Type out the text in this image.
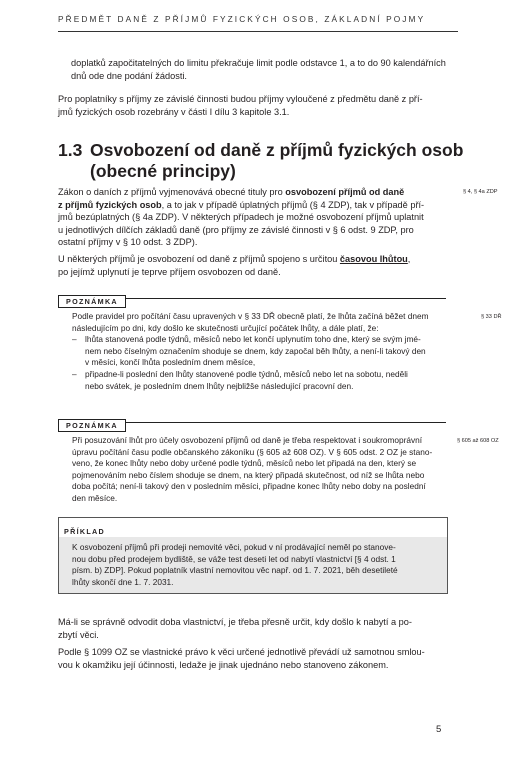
PŘEDMĚT DANĚ Z PŘÍJMŮ FYZICKÝCH OSOB, ZÁKLADNÍ POJMY

doplatků započitatelných do limitu překračuje limit podle odstavce 1, a to do 90 kalendářních

dnů ode dne podání žádosti.

Pro poplatníky s příjmy ze závislé činnosti budou příjmy vyloučené z předmětu daně z pří-

jmů fyzických osob rozebrány v části I dílu 3 kapitole 3.1.

1.3 Osvobození od daně z příjmů fyzických osob
(obecné principy)
§ 4, § 4a ZDP

Zákon o daních z příjmů vyjmenovává obecné tituly pro osvobození příjmů od daně

z příjmů fyzických osob, a to jak v případě úplatných příjmů (§ 4 ZDP), tak v případě pří-

jmů bezúplatných (§ 4a ZDP). V některých případech je možné osvobození příjmů uplatnit

u jednotlivých dílčích základů daně (pro příjmy ze závislé činnosti v § 6 odst. 9 ZDP, pro

ostatní příjmy v § 10 odst. 3 ZDP).

U některých příjmů je osvobození od daně z příjmů spojeno s určitou časovou lhůtou,

po jejímž uplynutí je teprve příjem osvobozen od daně.

POZNÁMKA
§ 33 DŘ

Podle pravidel pro počítání času upravených v § 33 DŘ obecně platí, že lhůta začíná běžet dnem

následujícím po dni, kdy došlo ke skutečnosti určující počátek lhůty, a dále platí, že:

– lhůta stanovená podle týdnů, měsíců nebo let končí uplynutím toho dne, který se svým jmé-
nem nebo číselným označením shoduje se dnem, kdy započal běh lhůty, a není-li takový den
v měsíci, končí lhůta posledním dnem měsíce,
– připadne-li poslední den lhůty stanovené podle týdnů, měsíců nebo let na sobotu, neděli
nebo svátek, je posledním dnem lhůty nejbližše následující pracovní den.
POZNÁMKA
§ 605 až 608 OZ

Při posuzování lhůt pro účely osvobození příjmů od daně je třeba respektovat i soukromoprávní

úpravu počítání času podle občanského zákoníku (§ 605 až 608 OZ). V § 605 odst. 2 OZ je stano-

veno, že konec lhůty nebo doby určené podle týdnů, měsíců nebo let připadá na den, který se

pojmenováním nebo číslem shoduje se dnem, na který připadá skutečnost, od níž se lhůta nebo

doba počítá; není-li takový den v posledním měsíci, připadne konec lhůty nebo doby na poslední

den měsíce.

PŘÍKLAD

K osvobození příjmů při prodeji nemovité věci, pokud v ní prodávající neměl po stanove-

nou dobu před prodejem bydliště, se váže test deseti let od nabytí vlastnictví [§ 4 odst. 1

písm. b) ZDP]. Pokud poplatník vlastní nemovitou věc např. od 1. 7. 2021, běh desetileté

lhůty skončí dne 1. 7. 2031.

Má-li se správně odvodit doba vlastnictví, je třeba přesně určit, kdy došlo k nabytí a po-

zbytí věci.

Podle § 1099 OZ se vlastnické právo k věci určené jednotlivě převádí už samotnou smlou-

vou k okamžiku její účinnosti, ledaže je jinak ujednáno nebo stanoveno zákonem.

5
